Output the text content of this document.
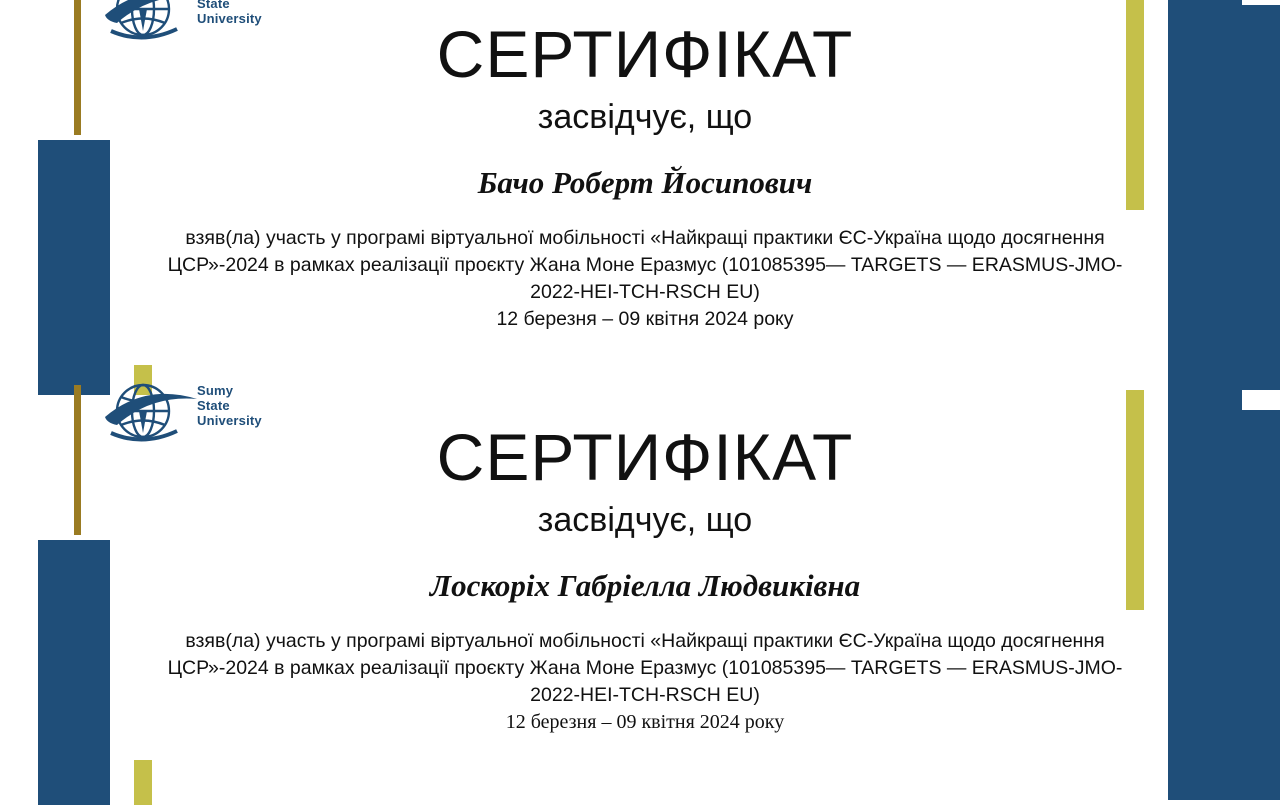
State
University	СЕРТИФІКАТ
засвідчує, що
Бачо Роберт Йосипович
взяв(ла) участь у програмі віртуальної мобільності «Найкращі практики ЄС-Україна щодо досягнення ЦСР»-2024 в рамках реалізації проєкту Жана Моне Еразмус (101085395— TARGETS — ERASMUS-JMO-2022-HEI-TCH-RSCH EU)
12 березня – 09 квітня 2024 року
Sumy
State
University	СЕРТИФІКАТ
засвідчує, що
Лоскоріх Габріелла Людвиківна
взяв(ла) участь у програмі віртуальної мобільності «Найкращі практики ЄС-Україна щодо досягнення ЦСР»-2024 в рамках реалізації проєкту Жана Моне Еразмус (101085395— TARGETS — ERASMUS-JMO-2022-HEI-TCH-RSCH EU)
12 березня – 09 квітня 2024 року
